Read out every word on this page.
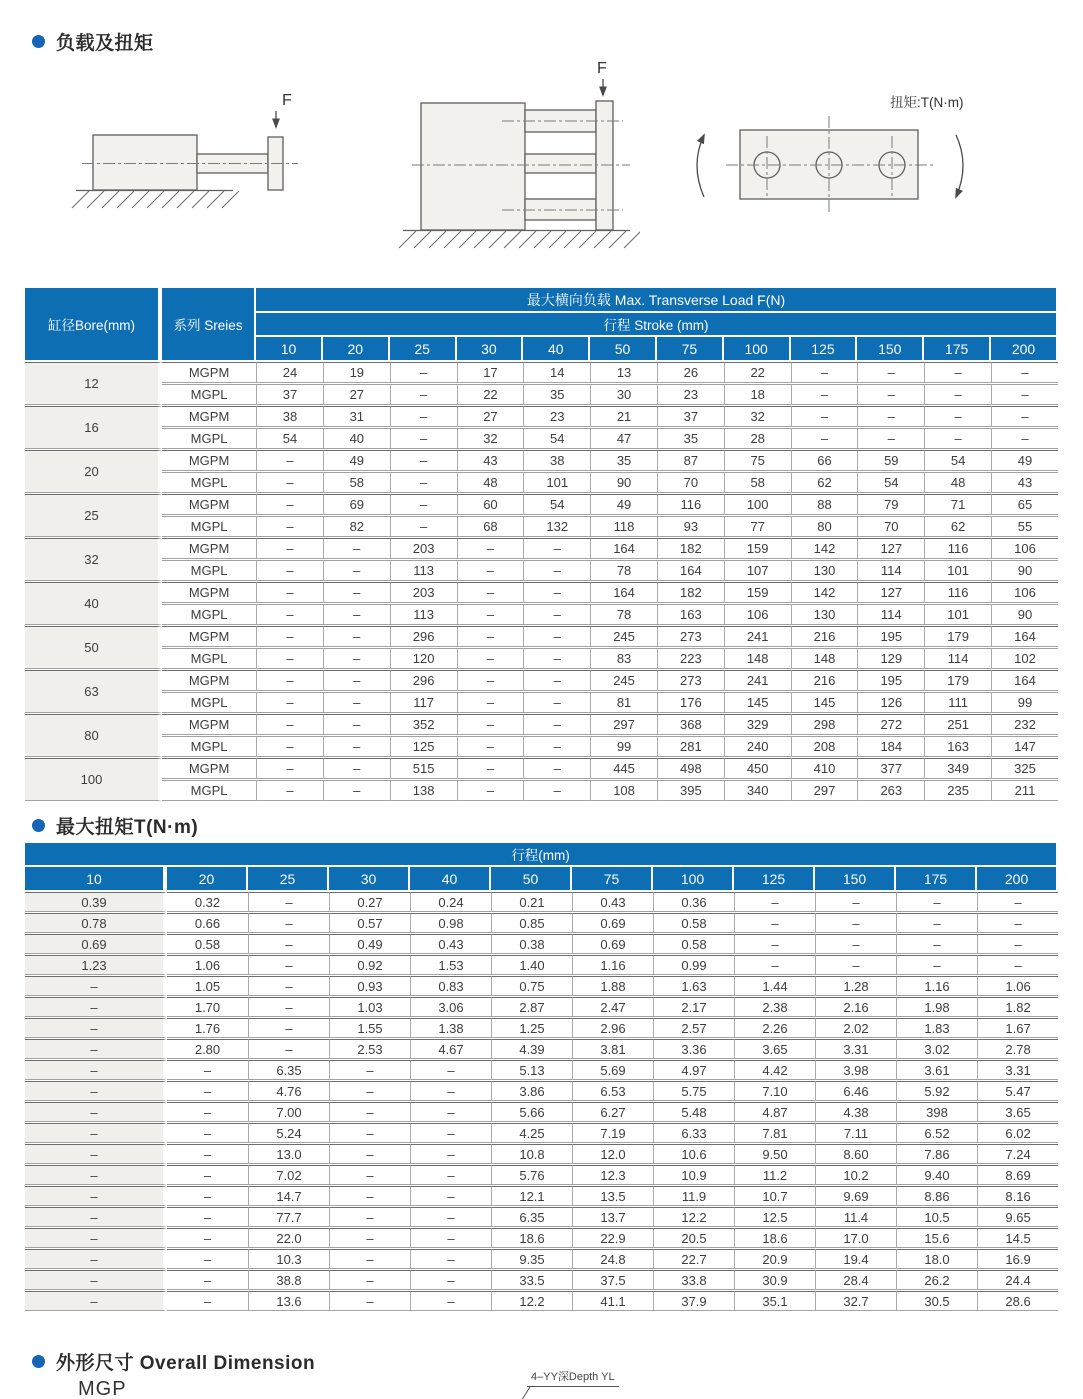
负载及扭矩
F
F
扭矩:T(N·m)
缸径Bore(mm)	系列 Sreies	最大横向负载 Max. Transverse Load F(N)											
		行程 Stroke (mm)											
		10	20	25	30	40	50	75	100	125	150	175	200
12	MGPM	24	19	–	17	14	13	26	22	–	–	–	–
	MGPL	37	27	–	22	35	30	23	18	–	–	–	–
16	MGPM	38	31	–	27	23	21	37	32	–	–	–	–
	MGPL	54	40	–	32	54	47	35	28	–	–	–	–
20	MGPM	–	49	–	43	38	35	87	75	66	59	54	49
	MGPL	–	58	–	48	101	90	70	58	62	54	48	43
25	MGPM	–	69	–	60	54	49	116	100	88	79	71	65
	MGPL	–	82	–	68	132	118	93	77	80	70	62	55
32	MGPM	–	–	203	–	–	164	182	159	142	127	116	106
	MGPL	–	–	113	–	–	78	164	107	130	114	101	90
40	MGPM	–	–	203	–	–	164	182	159	142	127	116	106
	MGPL	–	–	113	–	–	78	163	106	130	114	101	90
50	MGPM	–	–	296	–	–	245	273	241	216	195	179	164
	MGPL	–	–	120	–	–	83	223	148	148	129	114	102
63	MGPM	–	–	296	–	–	245	273	241	216	195	179	164
	MGPL	–	–	117	–	–	81	176	145	145	126	111	99
80	MGPM	–	–	352	–	–	297	368	329	298	272	251	232
	MGPL	–	–	125	–	–	99	281	240	208	184	163	147
100	MGPM	–	–	515	–	–	445	498	450	410	377	349	325
	MGPL	–	–	138	–	–	108	395	340	297	263	235	211
最大扭矩T(N·m)
行程(mm)											
10	20	25	30	40	50	75	100	125	150	175	200
0.39	0.32	–	0.27	0.24	0.21	0.43	0.36	–	–	–	–
0.78	0.66	–	0.57	0.98	0.85	0.69	0.58	–	–	–	–
0.69	0.58	–	0.49	0.43	0.38	0.69	0.58	–	–	–	–
1.23	1.06	–	0.92	1.53	1.40	1.16	0.99	–	–	–	–
–	1.05	–	0.93	0.83	0.75	1.88	1.63	1.44	1.28	1.16	1.06
–	1.70	–	1.03	3.06	2.87	2.47	2.17	2.38	2.16	1.98	1.82
–	1.76	–	1.55	1.38	1.25	2.96	2.57	2.26	2.02	1.83	1.67
–	2.80	–	2.53	4.67	4.39	3.81	3.36	3.65	3.31	3.02	2.78
–	–	6.35	–	–	5.13	5.69	4.97	4.42	3.98	3.61	3.31
–	–	4.76	–	–	3.86	6.53	5.75	7.10	6.46	5.92	5.47
–	–	7.00	–	–	5.66	6.27	5.48	4.87	4.38	398	3.65
–	–	5.24	–	–	4.25	7.19	6.33	7.81	7.11	6.52	6.02
–	–	13.0	–	–	10.8	12.0	10.6	9.50	8.60	7.86	7.24
–	–	7.02	–	–	5.76	12.3	10.9	11.2	10.2	9.40	8.69
–	–	14.7	–	–	12.1	13.5	11.9	10.7	9.69	8.86	8.16
–	–	77.7	–	–	6.35	13.7	12.2	12.5	11.4	10.5	9.65
–	–	22.0	–	–	18.6	22.9	20.5	18.6	17.0	15.6	14.5
–	–	10.3	–	–	9.35	24.8	22.7	20.9	19.4	18.0	16.9
–	–	38.8	–	–	33.5	37.5	33.8	30.9	28.4	26.2	24.4
–	–	13.6	–	–	12.2	41.1	37.9	35.1	32.7	30.5	28.6
外形尺寸 Overall Dimension
MGP
4–YY深Depth YL
